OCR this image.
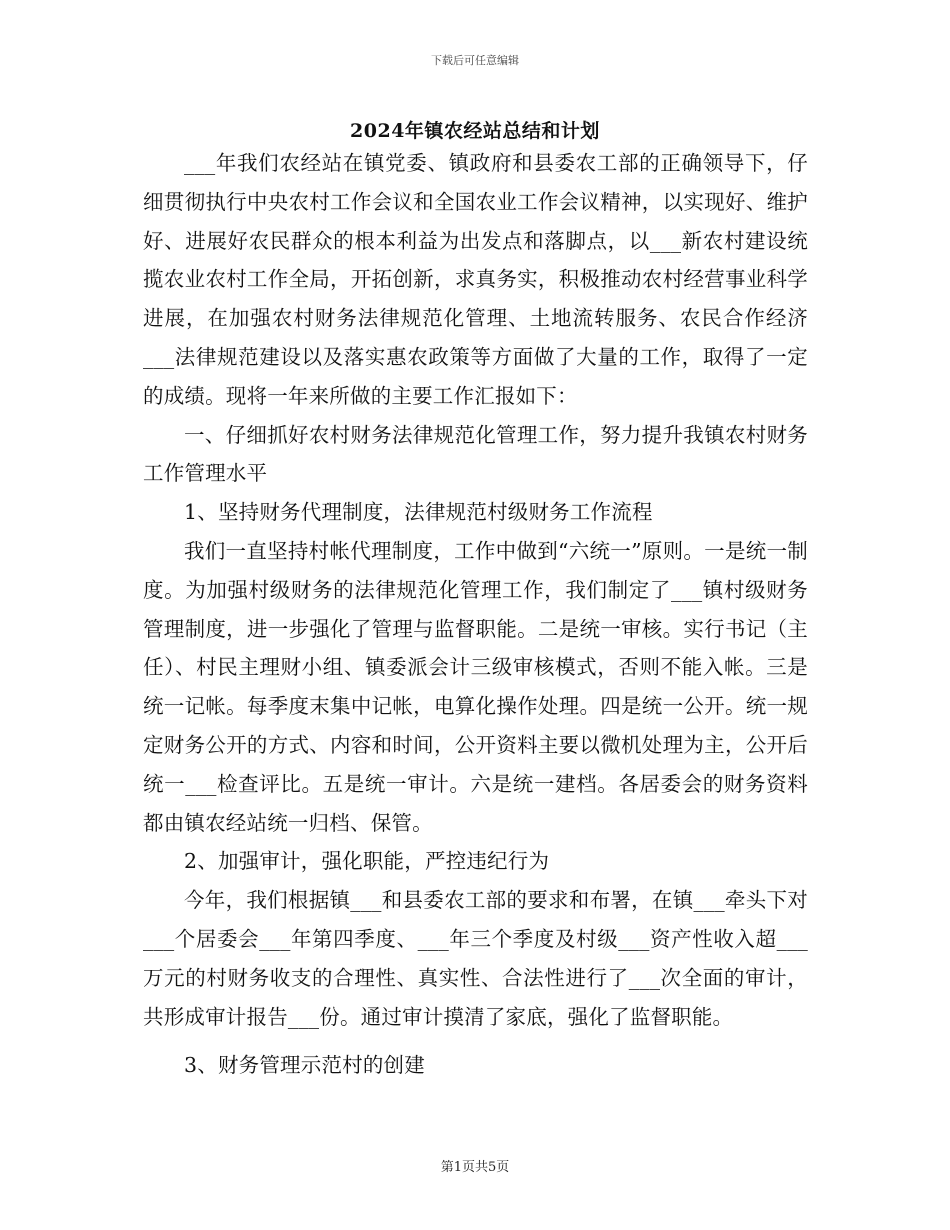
下载后可任意编辑
2024年镇农经站总结和计划

___年我们农经站在镇党委、镇政府和县委农工部的正确领导下，仔细贯彻执行中央农村工作会议和全国农业工作会议精神，以实现好、维护好、进展好农民群众的根本利益为出发点和落脚点，以___新农村建设统揽农业农村工作全局，开拓创新，求真务实，积极推动农村经营事业科学进展，在加强农村财务法律规范化管理、土地流转服务、农民合作经济___法律规范建设以及落实惠农政策等方面做了大量的工作，取得了一定的成绩。现将一年来所做的主要工作汇报如下：

一、仔细抓好农村财务法律规范化管理工作，努力提升我镇农村财务工作管理水平

1、坚持财务代理制度，法律规范村级财务工作流程

我们一直坚持村帐代理制度，工作中做到“六统一”原则。一是统一制度。为加强村级财务的法律规范化管理工作，我们制定了___镇村级财务管理制度，进一步强化了管理与监督职能。二是统一审核。实行书记（主任）、村民主理财小组、镇委派会计三级审核模式，否则不能入帐。三是统一记帐。每季度末集中记帐，电算化操作处理。四是统一公开。统一规定财务公开的方式、内容和时间，公开资料主要以微机处理为主，公开后统一___检查评比。五是统一审计。六是统一建档。各居委会的财务资料都由镇农经站统一归档、保管。

2、加强审计，强化职能，严控违纪行为

今年，我们根据镇___和县委农工部的要求和布署，在镇___牵头下对___个居委会___年第四季度、___年三个季度及村级___资产性收入超___万元的村财务收支的合理性、真实性、合法性进行了___次全面的审计，共形成审计报告___份。通过审计摸清了家底，强化了监督职能。

3、财务管理示范村的创建

第1页共5页
